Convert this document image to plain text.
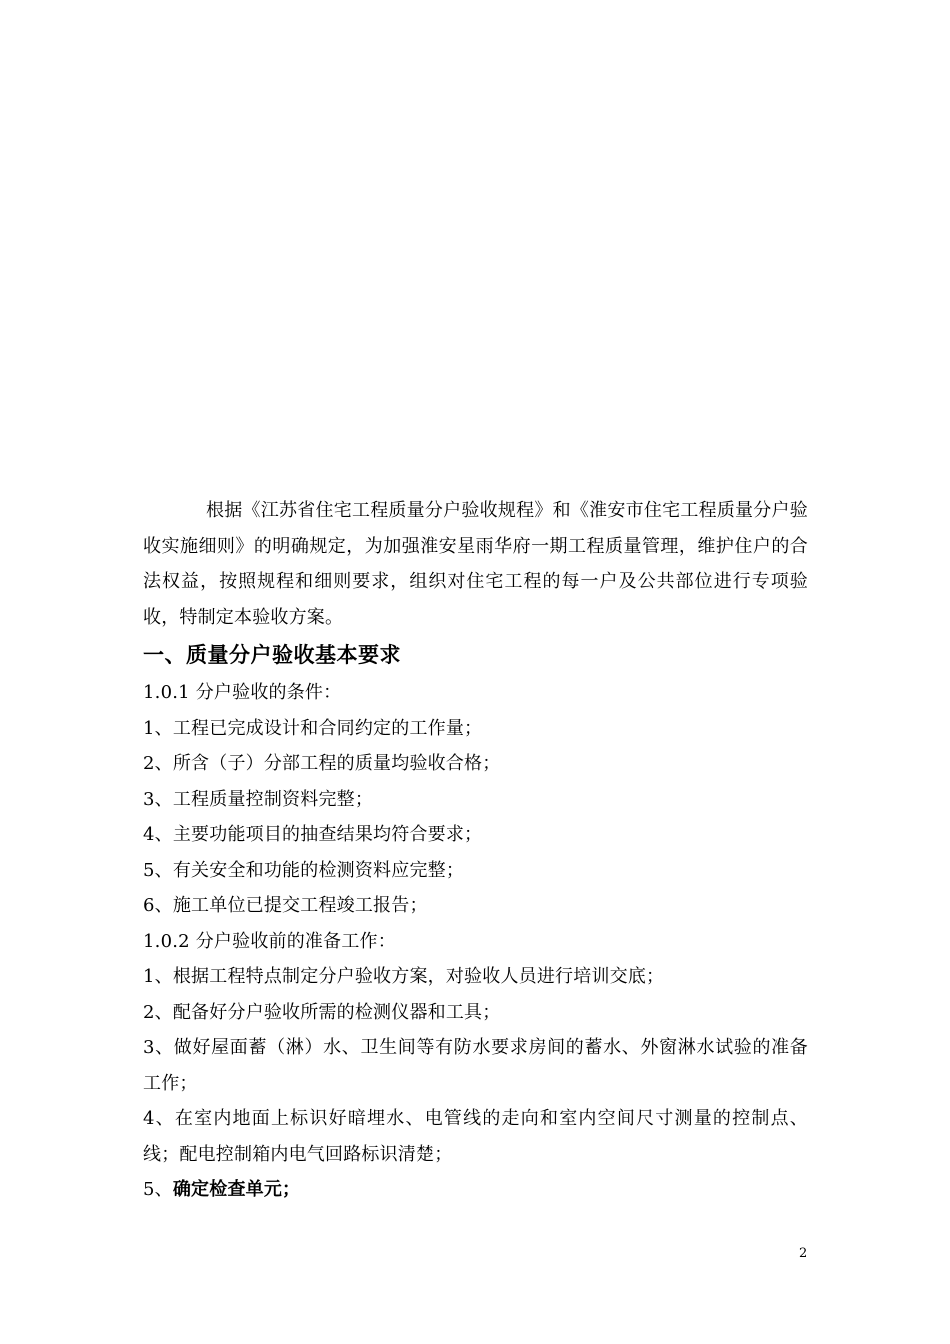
根据《江苏省住宅工程质量分户验收规程》和《淮安市住宅工程质量分户验收实施细则》的明确规定，为加强淮安星雨华府一期工程质量管理，维护住户的合法权益，按照规程和细则要求，组织对住宅工程的每一户及公共部位进行专项验收，特制定本验收方案。

一、质量分户验收基本要求

1.0.1 分户验收的条件：

1、工程已完成设计和合同约定的工作量；

2、所含（子）分部工程的质量均验收合格；

3、工程质量控制资料完整；

4、主要功能项目的抽查结果均符合要求；

5、有关安全和功能的检测资料应完整；

6、施工单位已提交工程竣工报告；

1.0.2 分户验收前的准备工作：

1、根据工程特点制定分户验收方案，对验收人员进行培训交底；

2、配备好分户验收所需的检测仪器和工具；

3、做好屋面蓄（淋）水、卫生间等有防水要求房间的蓄水、外窗淋水试验的准备工作；

4、在室内地面上标识好暗埋水、电管线的走向和室内空间尺寸测量的控制点、线；配电控制箱内电气回路标识清楚；

5、确定检查单元；

2
